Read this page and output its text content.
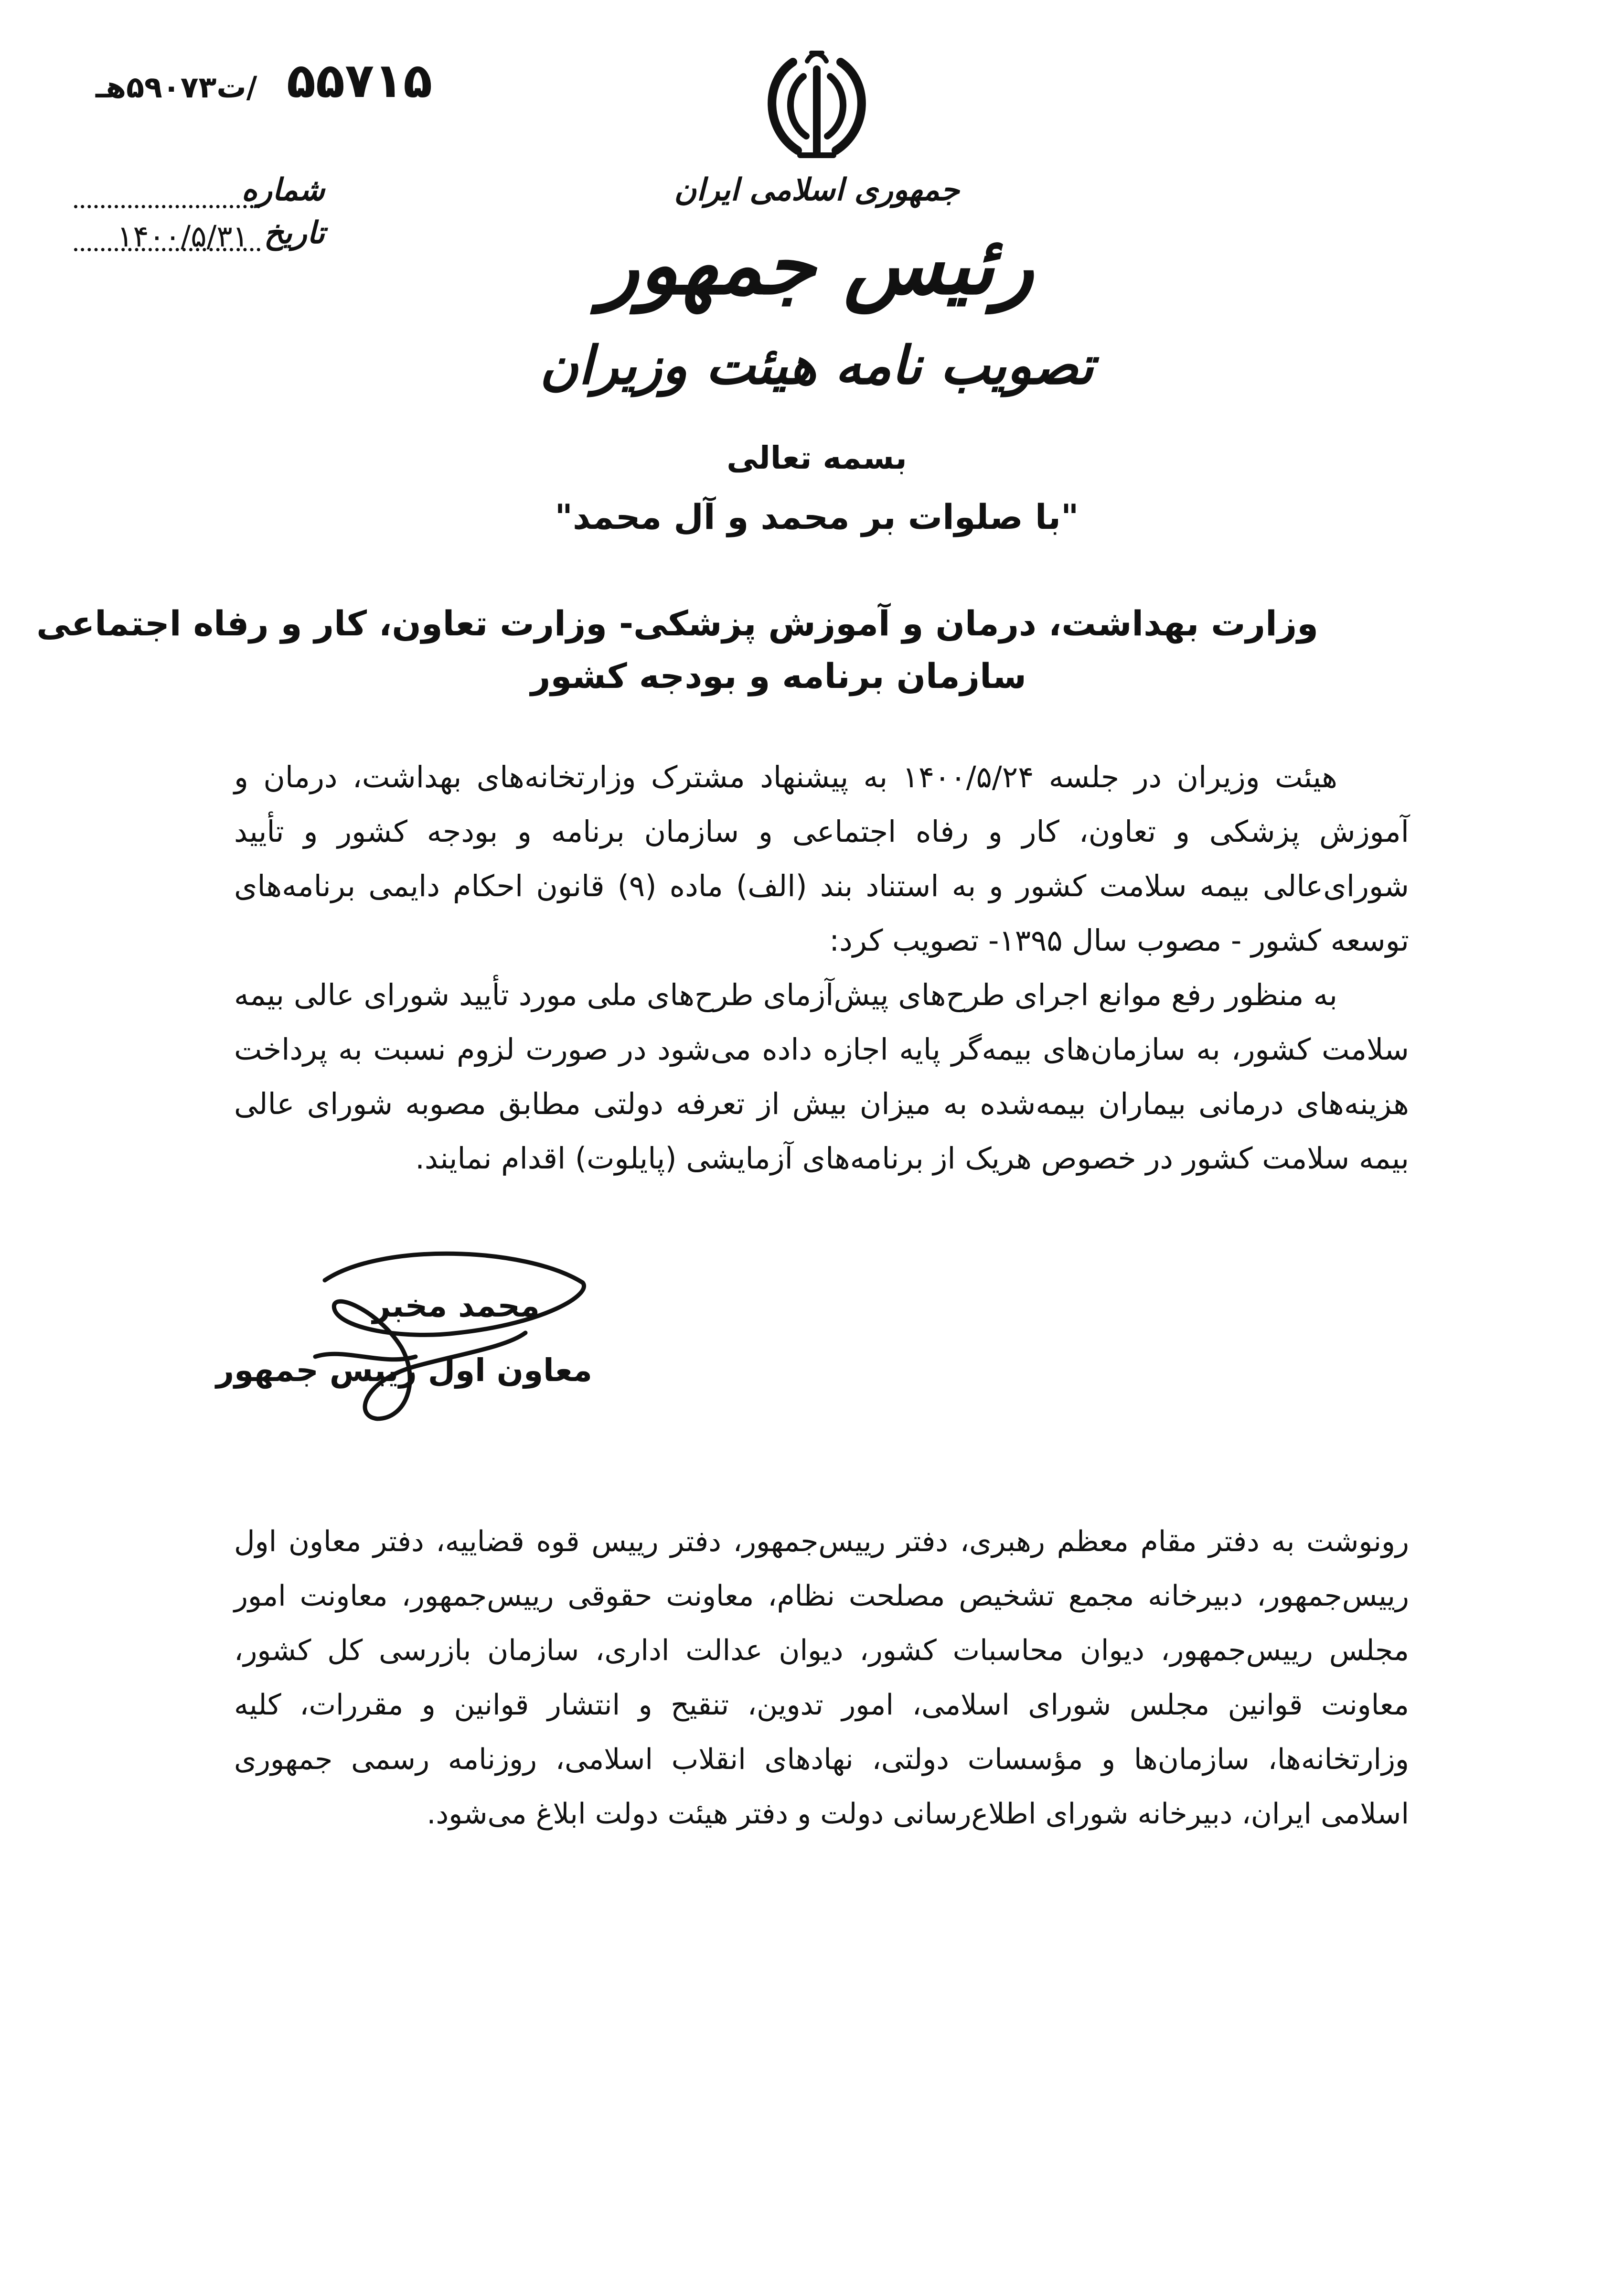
/ت۵۹۰۷۳هـ ۵۵۷۱۵
شماره
تاریخ
۱۴۰۰/۵/۳۱
جمهوری اسلامی ایران
رئیس جمهور
تصویب نامه هیئت وزیران
بسمه تعالی
"با صلوات بر محمد و آل محمد"
وزارت بهداشت، درمان و آموزش پزشکی- وزارت تعاون، کار و رفاه اجتماعی
سازمان برنامه و بودجه کشور

هیئت وزیران در جلسه ۱۴۰۰/۵/۲۴ به پیشنهاد مشترک وزارتخانه‌های بهداشت، درمان و آموزش پزشکی و تعاون، کار و رفاه اجتماعی و سازمان برنامه و بودجه کشور و تأیید شورای‌عالی بیمه سلامت کشور و به استناد بند (الف) ماده (۹) قانون احکام دایمی برنامه‌های توسعه کشور - مصوب سال ۱۳۹۵- تصویب کرد:

به منظور رفع موانع اجرای طرح‌های پیش‌آزمای طرح‌های ملی مورد تأیید شورای عالی بیمه سلامت کشور، به سازمان‌های بیمه‌گر پایه اجازه داده می‌شود در صورت لزوم نسبت به پرداخت هزینه‌های درمانی بیماران بیمه‌شده به میزان بیش از تعرفه دولتی مطابق مصوبه شورای عالی بیمه سلامت کشور در خصوص هریک از برنامه‌های آزمایشی (پایلوت) اقدام نمایند.

محمد مخبر
معاون اول رییس جمهور
رونوشت به دفتر مقام معظم رهبری، دفتر رییس‌جمهور، دفتر رییس قوه قضاییه، دفتر معاون اول رییس‌جمهور، دبیرخانه مجمع تشخیص مصلحت نظام، معاونت حقوقی رییس‌جمهور، معاونت امور مجلس رییس‌جمهور، دیوان محاسبات کشور، دیوان عدالت اداری، سازمان بازرسی کل کشور، معاونت قوانین مجلس شورای اسلامی، امور تدوین، تنقیح و انتشار قوانین و مقررات، کلیه وزارتخانه‌ها، سازمان‌ها و مؤسسات دولتی، نهادهای انقلاب اسلامی، روزنامه رسمی جمهوری اسلامی ایران، دبیرخانه شورای اطلاع‌رسانی دولت و دفتر هیئت دولت ابلاغ می‌شود.
